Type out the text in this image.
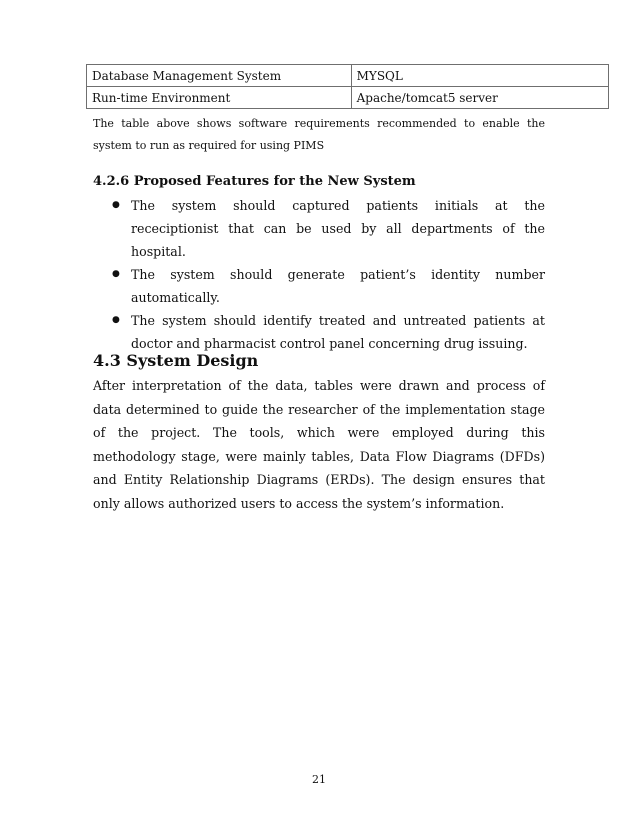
Database Management System	MYSQL
Run-time Environment	Apache/tomcat5 server

The table above shows software requirements recommended to enable the system to run as required for using PIMS

4.2.6 Proposed Features for the New System
● The system should captured patients initials at the receciptionist that can be used by all departments of the hospital.
● The system should generate patient’s identity number automatically.
● The system should identify treated and untreated patients at doctor and pharmacist control panel concerning drug issuing.
4.3 System Design

After interpretation of the data, tables were drawn and process of data determined to guide the researcher of the implementation stage of the project. The tools, which were employed during this methodology stage, were mainly tables, Data Flow Diagrams (DFDs) and Entity Relationship Diagrams (ERDs). The design ensures that only allows authorized users to access the system’s information.

21
